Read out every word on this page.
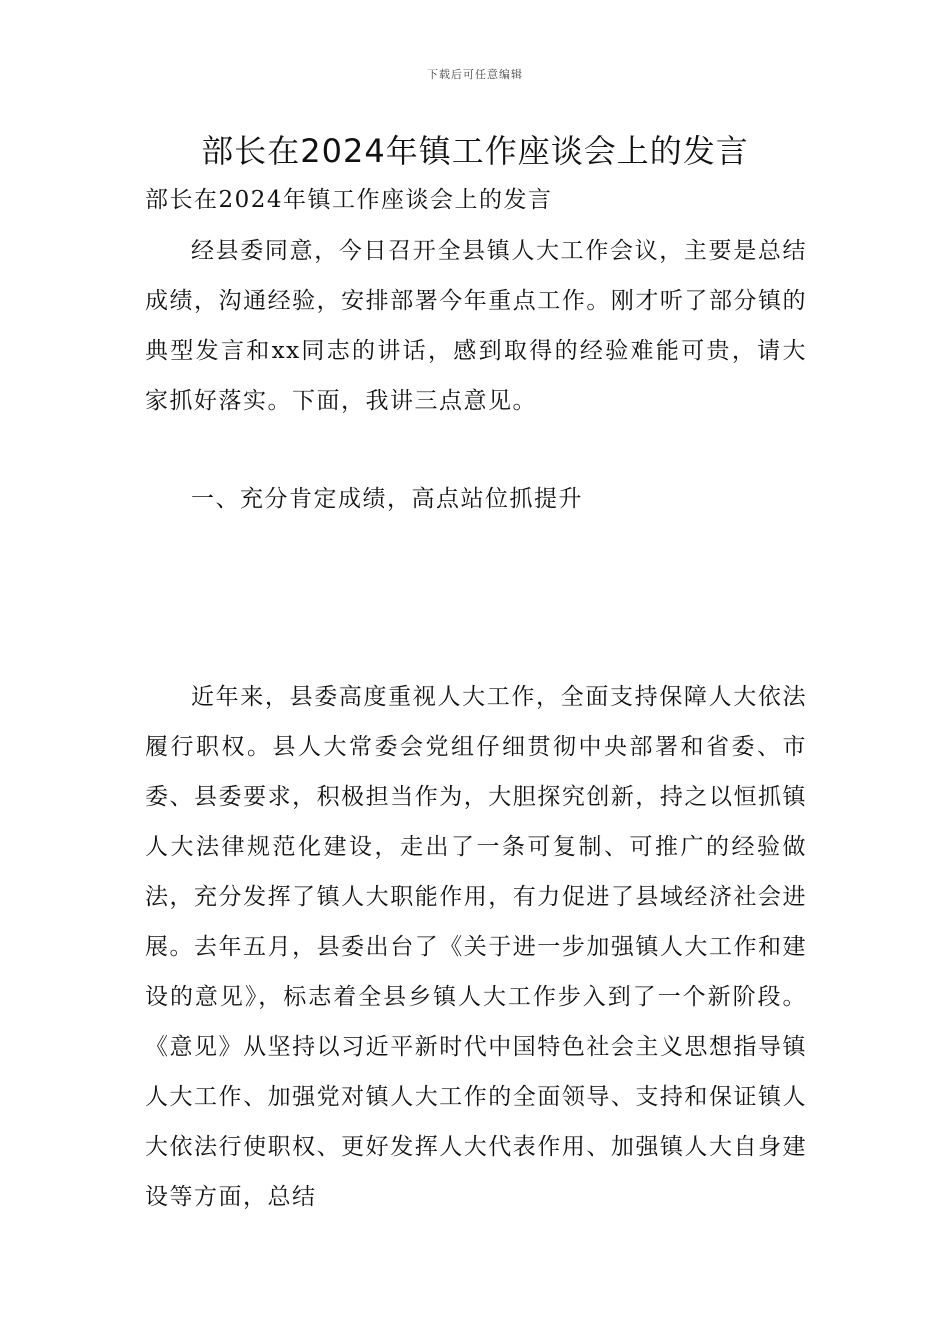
下载后可任意编辑
部长在2024年镇工作座谈会上的发言

部长在2024年镇工作座谈会上的发言

经县委同意，今日召开全县镇人大工作会议，主要是总结成绩，沟通经验，安排部署今年重点工作。刚才听了部分镇的典型发言和xx同志的讲话，感到取得的经验难能可贵，请大家抓好落实。下面，我讲三点意见。

一、充分肯定成绩，高点站位抓提升

近年来，县委高度重视人大工作，全面支持保障人大依法履行职权。县人大常委会党组仔细贯彻中央部署和省委、市委、县委要求，积极担当作为，大胆探究创新，持之以恒抓镇人大法律规范化建设，走出了一条可复制、可推广的经验做法，充分发挥了镇人大职能作用，有力促进了县域经济社会进展。去年五月，县委出台了《关于进一步加强镇人大工作和建设的意见》，标志着全县乡镇人大工作步入到了一个新阶段。《意见》从坚持以习近平新时代中国特色社会主义思想指导镇人大工作、加强党对镇人大工作的全面领导、支持和保证镇人大依法行使职权、更好发挥人大代表作用、加强镇人大自身建设等方面，总结
